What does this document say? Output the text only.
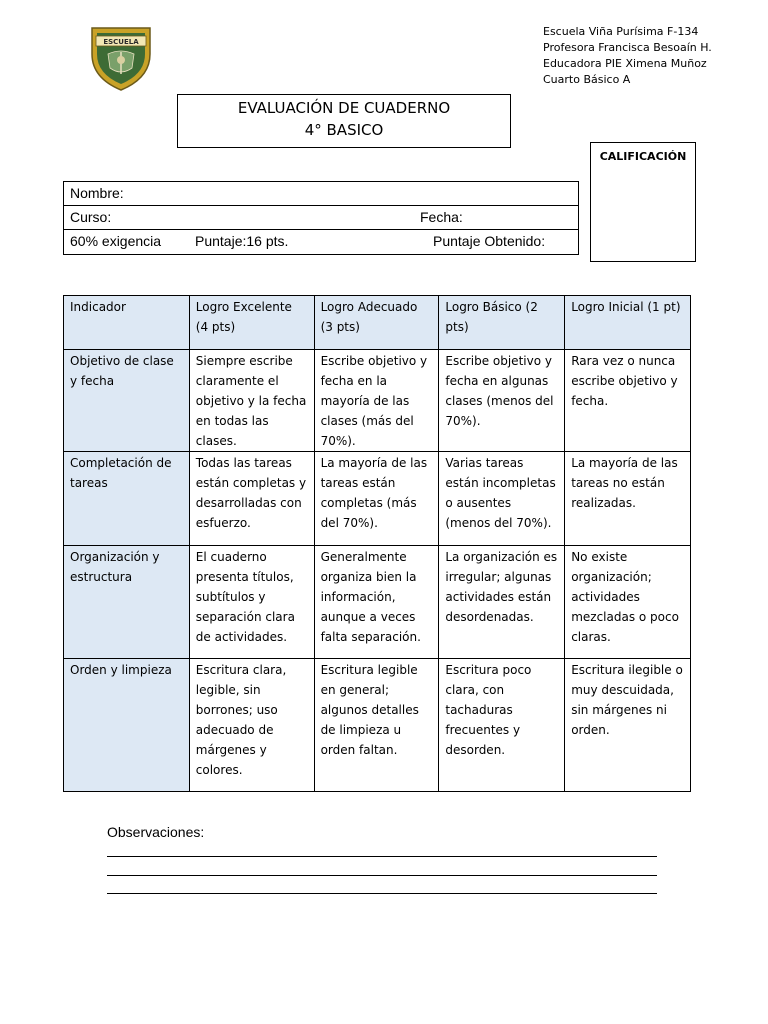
ESCUELA
Escuela Viña Purísima F-134
Profesora Francisca Besoaín H.
Educadora PIE Ximena Muñoz
Cuarto Básico A
EVALUACIÓN DE CUADERNO
4° BASICO
CALIFICACIÓN
Nombre:
Curso:	Fecha:
60% exigencia Puntaje:16 pts.	Puntaje Obtenido:
Indicador	Logro Excelente (4 pts)	Logro Adecuado (3 pts)	Logro Básico (2 pts)	Logro Inicial (1 pt)
Objetivo de clase y fecha	Siempre escribe claramente el objetivo y la fecha en todas las clases.	Escribe objetivo y fecha en la mayoría de las clases (más del 70%).	Escribe objetivo y fecha en algunas clases (menos del 70%).	Rara vez o nunca escribe objetivo y fecha.
Completación de tareas	Todas las tareas están completas y desarrolladas con esfuerzo.	La mayoría de las tareas están completas (más del 70%).	Varias tareas están incompletas o ausentes (menos del 70%).	La mayoría de las tareas no están realizadas.
Organización y estructura	El cuaderno presenta títulos, subtítulos y separación clara de actividades.	Generalmente organiza bien la información, aunque a veces falta separación.	La organización es irregular; algunas actividades están desordenadas.	No existe organización; actividades mezcladas o poco claras.
Orden y limpieza	Escritura clara, legible, sin borrones; uso adecuado de márgenes y colores.	Escritura legible en general; algunos detalles de limpieza u orden faltan.	Escritura poco clara, con tachaduras frecuentes y desorden.	Escritura ilegible o muy descuidada, sin márgenes ni orden.
Observaciones:
